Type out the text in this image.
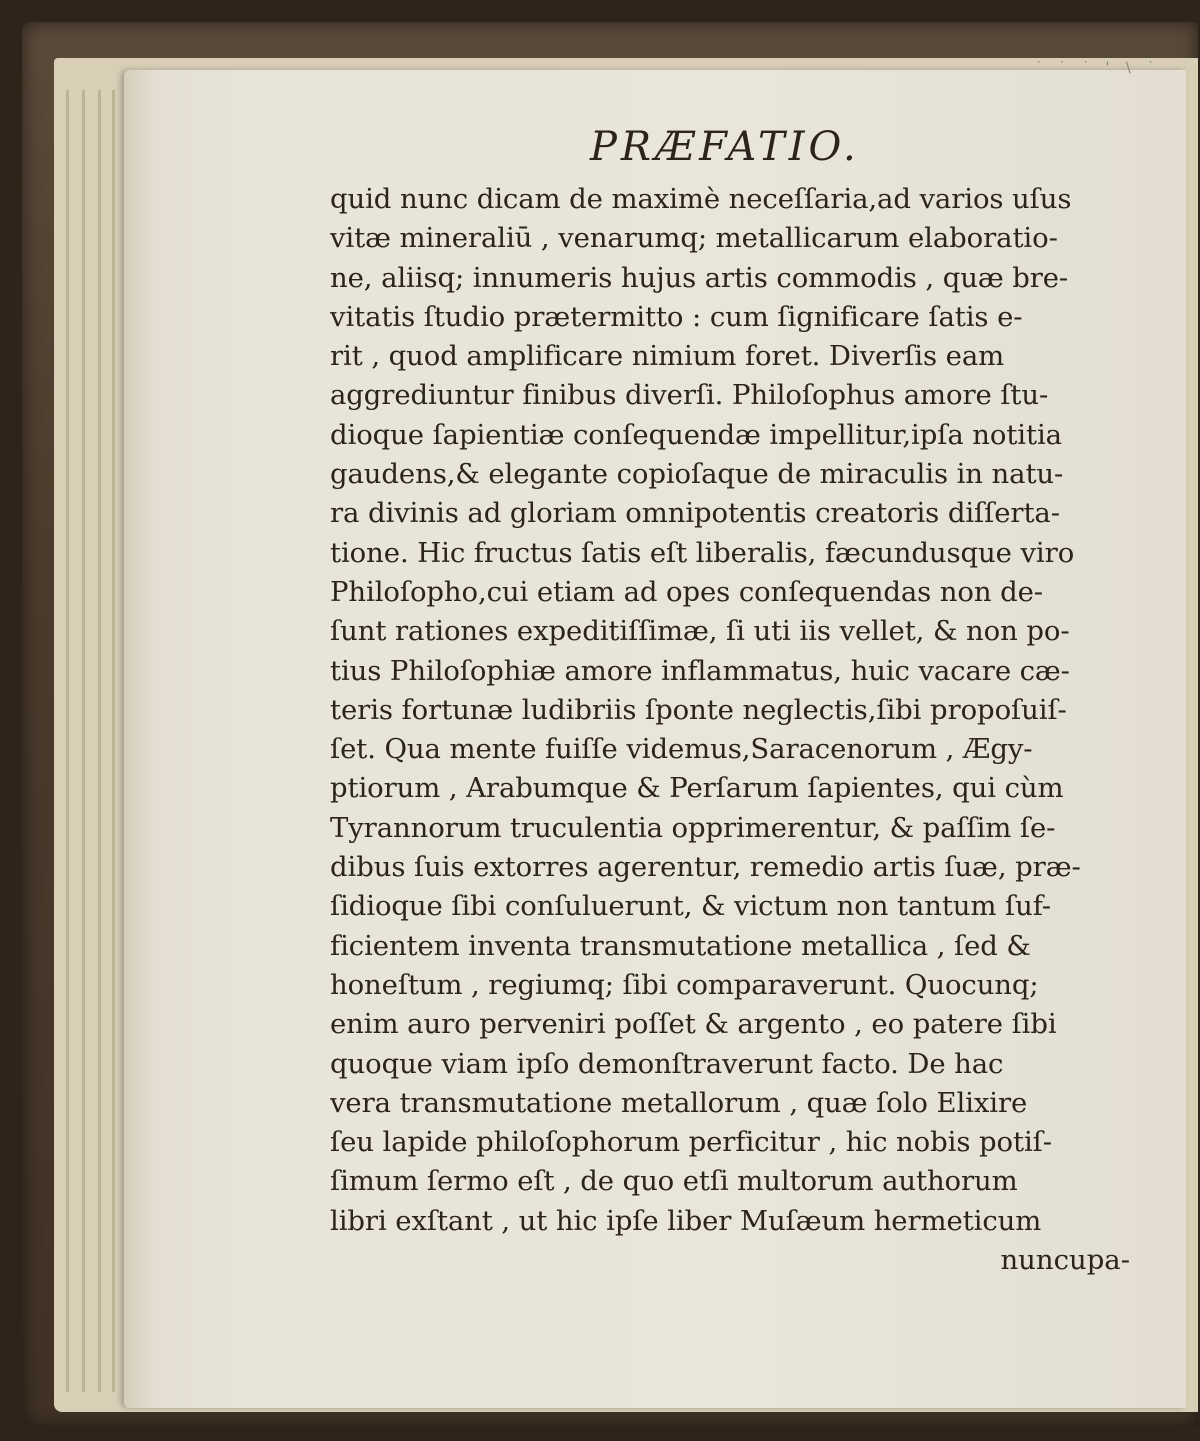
˙ ˙ ˙ ' \ ˙
PRÆFATIO.
quid nunc dicam de maximè neceſſaria,ad varios uſus
vitæ mineraliū , venarumq; metallicarum elaboratio-
ne, aliisq; innumeris hujus artis commodis , quæ bre-
vitatis ſtudio prætermitto : cum ſignificare ſatis e-
rit , quod amplificare nimium foret. Diverſis eam
aggrediuntur finibus diverſi. Philoſophus amore ſtu-
dioque ſapientiæ conſequendæ impellitur,ipſa notitia
gaudens,& elegante copioſaque de miraculis in natu-
ra divinis ad gloriam omnipotentis creatoris diſſerta-
tione. Hic fructus ſatis eſt liberalis, fæcundusque viro
Philoſopho,cui etiam ad opes conſequendas non de-
ſunt rationes expeditiſſimæ, ſi uti iis vellet, & non po-
tius Philoſophiæ amore inflammatus, huic vacare cæ-
teris fortunæ ludibriis ſponte neglectis,ſibi propoſuiſ-
ſet. Qua mente fuiſſe videmus,Saracenorum , Ægy-
ptiorum , Arabumque & Perſarum ſapientes, qui cùm
Tyrannorum truculentia opprimerentur, & paſſim ſe-
dibus ſuis extorres agerentur, remedio artis ſuæ, præ-
ſidioque ſibi conſuluerunt, & victum non tantum ſuf-
ficientem inventa transmutatione metallica , ſed &
honeſtum , regiumq; ſibi comparaverunt. Quocunq;
enim auro perveniri poſſet & argento , eo patere ſibi
quoque viam ipſo demonſtraverunt facto. De hac
vera transmutatione metallorum , quæ ſolo Elixire
ſeu lapide philoſophorum perficitur , hic nobis potiſ-
ſimum ſermo eſt , de quo etſi multorum authorum
libri exſtant , ut hic ipſe liber Muſæum hermeticum
nuncupa-
